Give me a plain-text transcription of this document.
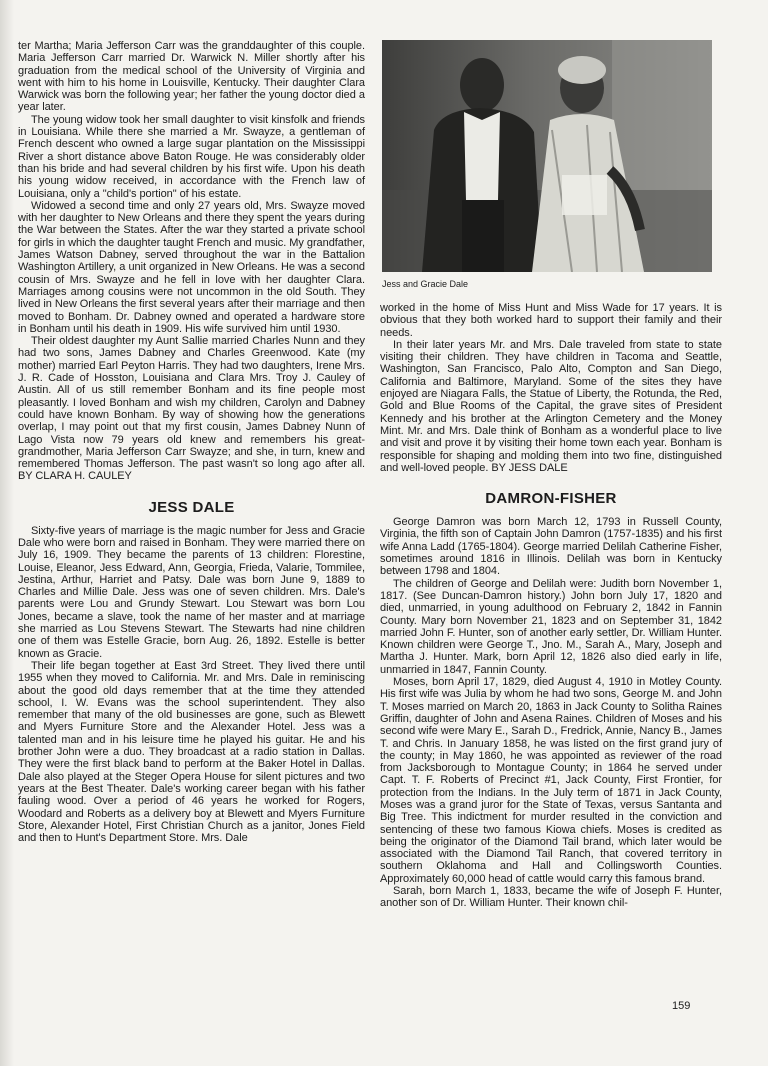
ter Martha; Maria Jefferson Carr was the granddaughter of this couple. Maria Jefferson Carr married Dr. Warwick N. Miller shortly after his graduation from the medical school of the University of Virginia and went with him to his home in Louisville, Kentucky. Their daughter Clara Warwick was born the following year; her father the young doctor died a year later.

The young widow took her small daughter to visit kinsfolk and friends in Louisiana. While there she married a Mr. Swayze, a gentleman of French descent who owned a large sugar plantation on the Mississippi River a short distance above Baton Rouge. He was considerably older than his bride and had several children by his first wife. Upon his death his young widow received, in accordance with the French law of Louisiana, only a "child's portion" of his estate.

Widowed a second time and only 27 years old, Mrs. Swayze moved with her daughter to New Orleans and there they spent the years during the War between the States. After the war they started a private school for girls in which the daughter taught French and music. My grandfather, James Watson Dabney, served throughout the war in the Battalion Washington Artillery, a unit organized in New Orleans. He was a second cousin of Mrs. Swayze and he fell in love with her daughter Clara. Marriages among cousins were not uncommon in the old South. They lived in New Orleans the first several years after their marriage and then moved to Bonham. Dr. Dabney owned and operated a hardware store in Bonham until his death in 1909. His wife survived him until 1930.

Their oldest daughter my Aunt Sallie married Charles Nunn and they had two sons, James Dabney and Charles Greenwood. Kate (my mother) married Earl Peyton Harris. They had two daughters, Irene Mrs. J. R. Cade of Hosston, Louisiana and Clara Mrs. Troy J. Cauley of Austin. All of us still remember Bonham and its fine people most pleasantly. I loved Bonham and wish my children, Carolyn and Dabney could have known Bonham. By way of showing how the generations overlap, I may point out that my first cousin, James Dabney Nunn of Lago Vista now 79 years old knew and remembers his great-grandmother, Maria Jefferson Carr Swayze; and she, in turn, knew and remembered Thomas Jefferson. The past wasn't so long ago after all. BY CLARA H. CAULEY

JESS DALE

Sixty-five years of marriage is the magic number for Jess and Gracie Dale who were born and raised in Bonham. They were married there on July 16, 1909. They became the parents of 13 children: Florestine, Louise, Eleanor, Jess Edward, Ann, Georgia, Frieda, Valarie, Tommilee, Jestina, Arthur, Harriet and Patsy. Dale was born June 9, 1889 to Charles and Millie Dale. Jess was one of seven children. Mrs. Dale's parents were Lou and Grundy Stewart. Lou Stewart was born Lou Jones, became a slave, took the name of her master and at marriage she married as Lou Stevens Stewart. The Stewarts had nine children one of them was Estelle Gracie, born Aug. 26, 1892. Estelle is better known as Gracie.

Their life began together at East 3rd Street. They lived there until 1955 when they moved to California. Mr. and Mrs. Dale in reminiscing about the good old days remember that at the time they attended school, I. W. Evans was the school superintendent. They also remember that many of the old businesses are gone, such as Blewett and Myers Furniture Store and the Alexander Hotel. Jess was a talented man and in his leisure time he played his guitar. He and his brother John were a duo. They broadcast at a radio station in Dallas. They were the first black band to perform at the Baker Hotel in Dallas. Dale also played at the Steger Opera House for silent pictures and two years at the Best Theater. Dale's working career began with his father fauling wood. Over a period of 46 years he worked for Rogers, Woodard and Roberts as a delivery boy at Blewett and Myers Furniture Store, Alexander Hotel, First Christian Church as a janitor, Jones Field and then to Hunt's Department Store. Mrs. Dale

Jess and Gracie Dale

worked in the home of Miss Hunt and Miss Wade for 17 years. It is obvious that they both worked hard to support their family and their needs.

In their later years Mr. and Mrs. Dale traveled from state to state visiting their children. They have children in Tacoma and Seattle, Washington, San Francisco, Palo Alto, Compton and San Diego, California and Baltimore, Maryland. Some of the sites they have enjoyed are Niagara Falls, the Statue of Liberty, the Rotunda, the Red, Gold and Blue Rooms of the Capital, the grave sites of President Kennedy and his brother at the Arlington Cemetery and the Money Mint. Mr. and Mrs. Dale think of Bonham as a wonderful place to live and visit and prove it by visiting their home town each year. Bonham is responsible for shaping and molding them into two fine, distinguished and well-loved people. BY JESS DALE

DAMRON-FISHER

George Damron was born March 12, 1793 in Russell County, Virginia, the fifth son of Captain John Damron (1757-1835) and his first wife Anna Ladd (1765-1804). George married Delilah Catherine Fisher, sometimes around 1816 in Illinois. Delilah was born in Kentucky between 1798 and 1804.

The children of George and Delilah were: Judith born November 1, 1817. (See Duncan-Damron history.) John born July 17, 1820 and died, unmarried, in young adulthood on February 2, 1842 in Fannin County. Mary born November 21, 1823 and on September 31, 1842 married John F. Hunter, son of another early settler, Dr. William Hunter. Known children were George T., Jno. M., Sarah A., Mary, Joseph and Martha J. Hunter. Mark, born April 12, 1826 also died early in life, unmarried in 1847, Fannin County.

Moses, born April 17, 1829, died August 4, 1910 in Motley County. His first wife was Julia by whom he had two sons, George M. and John T. Moses married on March 20, 1863 in Jack County to Solitha Raines Griffin, daughter of John and Asena Raines. Children of Moses and his second wife were Mary E., Sarah D., Fredrick, Annie, Nancy B., James T. and Chris. In January 1858, he was listed on the first grand jury of the county; in May 1860, he was appointed as reviewer of the road from Jacksborough to Montague County; in 1864 he served under Capt. T. F. Roberts of Precinct #1, Jack County, First Frontier, for protection from the Indians. In the July term of 1871 in Jack County, Moses was a grand juror for the State of Texas, versus Santanta and Big Tree. This indictment for murder resulted in the conviction and sentencing of these two famous Kiowa chiefs. Moses is credited as being the originator of the Diamond Tail brand, which later would be associated with the Diamond Tail Ranch, that covered territory in southern Oklahoma and Hall and Collingsworth Counties. Approximately 60,000 head of cattle would carry this famous brand.

Sarah, born March 1, 1833, became the wife of Joseph F. Hunter, another son of Dr. William Hunter. Their known chil-

159
